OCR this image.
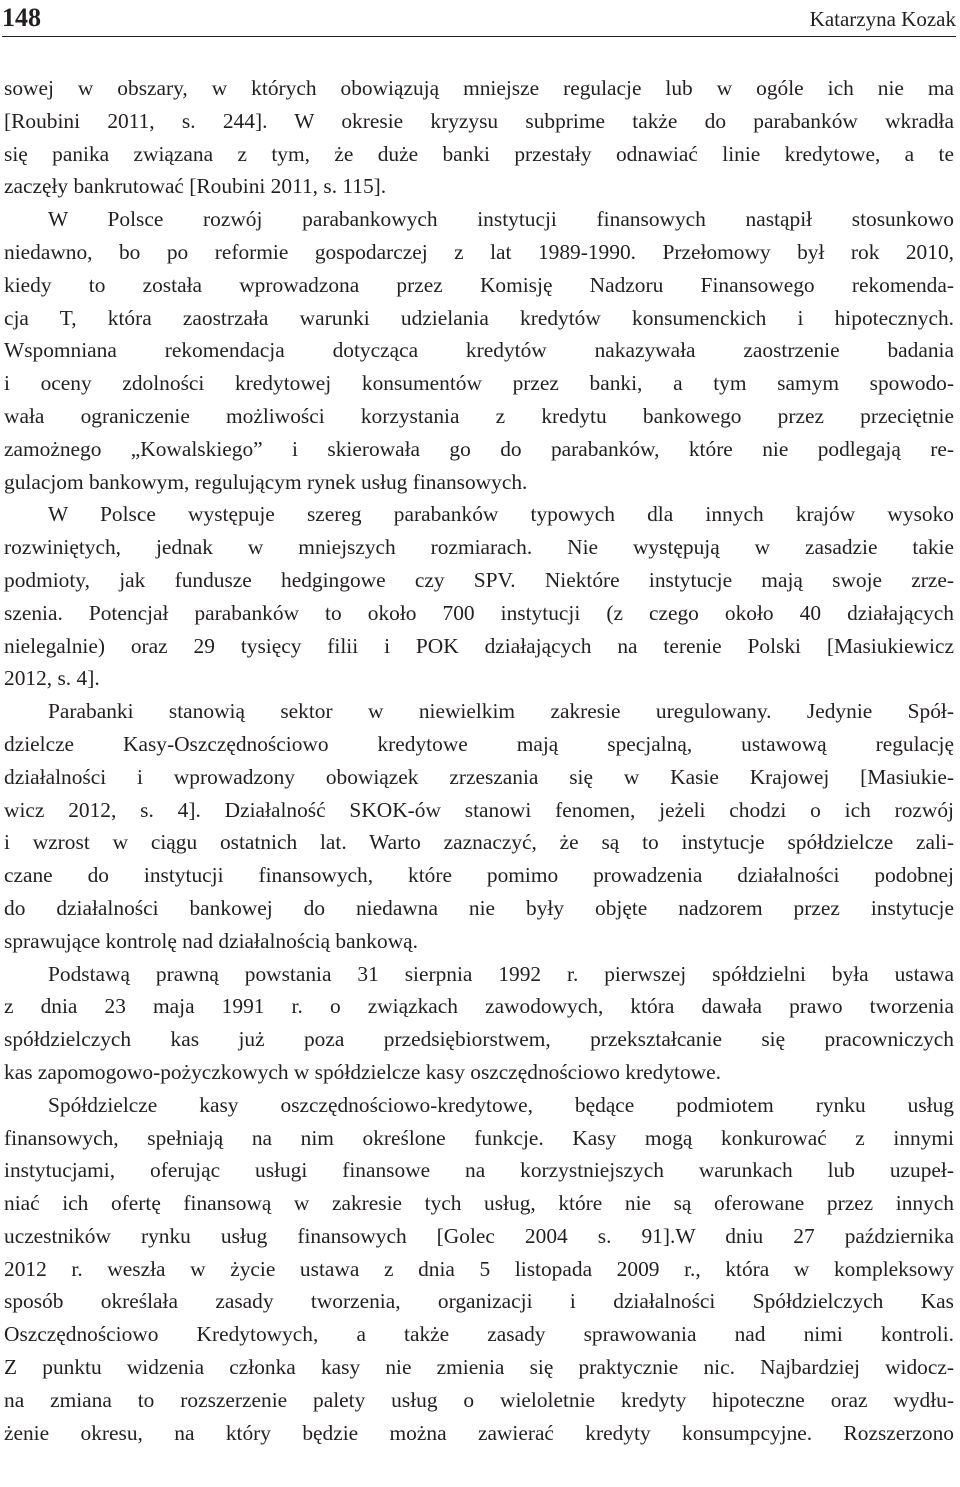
148	Katarzyna Kozak
sowej w obszary, w których obowiązują mniejsze regulacje lub w ogóle ich nie ma
[Roubini 2011, s. 244]. W okresie kryzysu subprime także do parabanków wkradła
się panika związana z tym, że duże banki przestały odnawiać linie kredytowe, a te
zaczęły bankrutować [Roubini 2011, s. 115].
W Polsce rozwój parabankowych instytucji finansowych nastąpił stosunkowo
niedawno, bo po reformie gospodarczej z lat 1989-1990. Przełomowy był rok 2010,
kiedy to została wprowadzona przez Komisję Nadzoru Finansowego rekomenda-
cja T, która zaostrzała warunki udzielania kredytów konsumenckich i hipotecznych.
Wspomniana rekomendacja dotycząca kredytów nakazywała zaostrzenie badania
i oceny zdolności kredytowej konsumentów przez banki, a tym samym spowodo-
wała ograniczenie możliwości korzystania z kredytu bankowego przez przeciętnie
zamożnego „Kowalskiego” i skierowała go do parabanków, które nie podlegają re-
gulacjom bankowym, regulującym rynek usług finansowych.
W Polsce występuje szereg parabanków typowych dla innych krajów wysoko
rozwiniętych, jednak w mniejszych rozmiarach. Nie występują w zasadzie takie
podmioty, jak fundusze hedgingowe czy SPV. Niektóre instytucje mają swoje zrze-
szenia. Potencjał parabanków to około 700 instytucji (z czego około 40 działających
nielegalnie) oraz 29 tysięcy filii i POK działających na terenie Polski [Masiukiewicz
2012, s. 4].
Parabanki stanowią sektor w niewielkim zakresie uregulowany. Jedynie Spół-
dzielcze Kasy-Oszczędnościowo kredytowe mają specjalną, ustawową regulację
działalności i wprowadzony obowiązek zrzeszania się w Kasie Krajowej [Masiukie-
wicz 2012, s. 4]. Działalność SKOK-ów stanowi fenomen, jeżeli chodzi o ich rozwój
i wzrost w ciągu ostatnich lat. Warto zaznaczyć, że są to instytucje spółdzielcze zali-
czane do instytucji finansowych, które pomimo prowadzenia działalności podobnej
do działalności bankowej do niedawna nie były objęte nadzorem przez instytucje
sprawujące kontrolę nad działalnością bankową.
Podstawą prawną powstania 31 sierpnia 1992 r. pierwszej spółdzielni była ustawa
z dnia 23 maja 1991 r. o związkach zawodowych, która dawała prawo tworzenia
spółdzielczych kas już poza przedsiębiorstwem, przekształcanie się pracowniczych
kas zapomogowo-pożyczkowych w spółdzielcze kasy oszczędnościowo kredytowe.
Spółdzielcze kasy oszczędnościowo-kredytowe, będące podmiotem rynku usług
finansowych, spełniają na nim określone funkcje. Kasy mogą konkurować z innymi
instytucjami, oferując usługi finansowe na korzystniejszych warunkach lub uzupeł-
niać ich ofertę finansową w zakresie tych usług, które nie są oferowane przez innych
uczestników rynku usług finansowych [Golec 2004 s. 91].W dniu 27 października
2012 r. weszła w życie ustawa z dnia 5 listopada 2009 r., która w kompleksowy
sposób określała zasady tworzenia, organizacji i działalności Spółdzielczych Kas
Oszczędnościowo Kredytowych, a także zasady sprawowania nad nimi kontroli.
Z punktu widzenia członka kasy nie zmienia się praktycznie nic. Najbardziej widocz-
na zmiana to rozszerzenie palety usług o wieloletnie kredyty hipoteczne oraz wydłu-
żenie okresu, na który będzie można zawierać kredyty konsumpcyjne. Rozszerzono
